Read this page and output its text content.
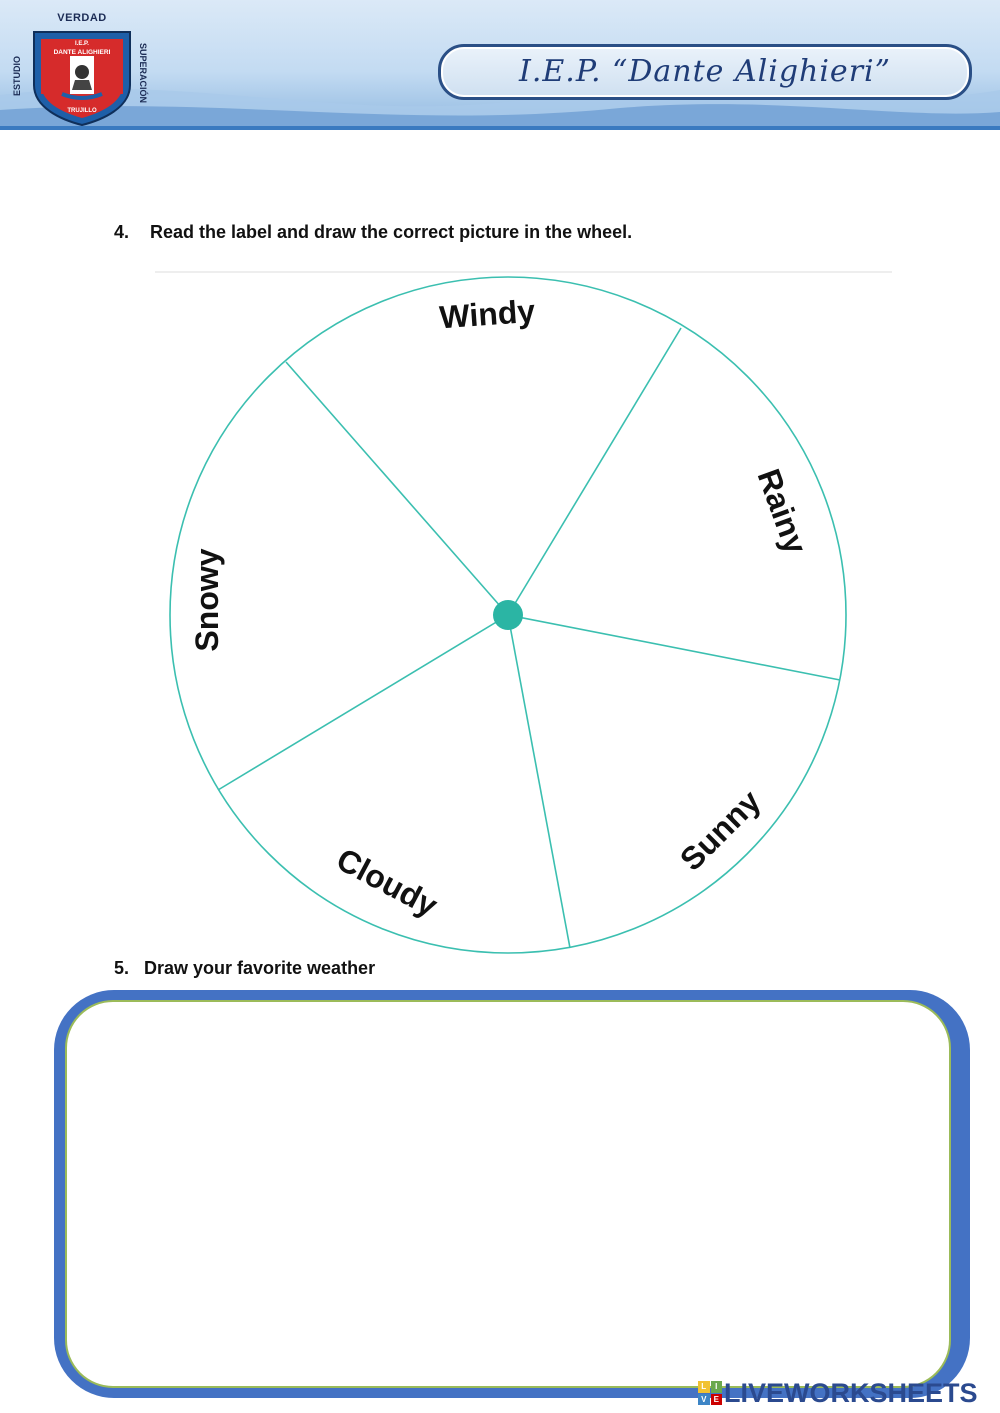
VERDAD
ESTUDIO	SUPERACIÓN
I.E.P.
DANTE ALIGHIERI
TRUJILLO
I.E.P. “Dante Alighieri”
4. Read the label and draw the correct picture in the wheel.
Windy
Rainy
Sunny
Cloudy
Snowy
5. Draw your favorite weather
L	I
V E LIVEWORKSHEETS
